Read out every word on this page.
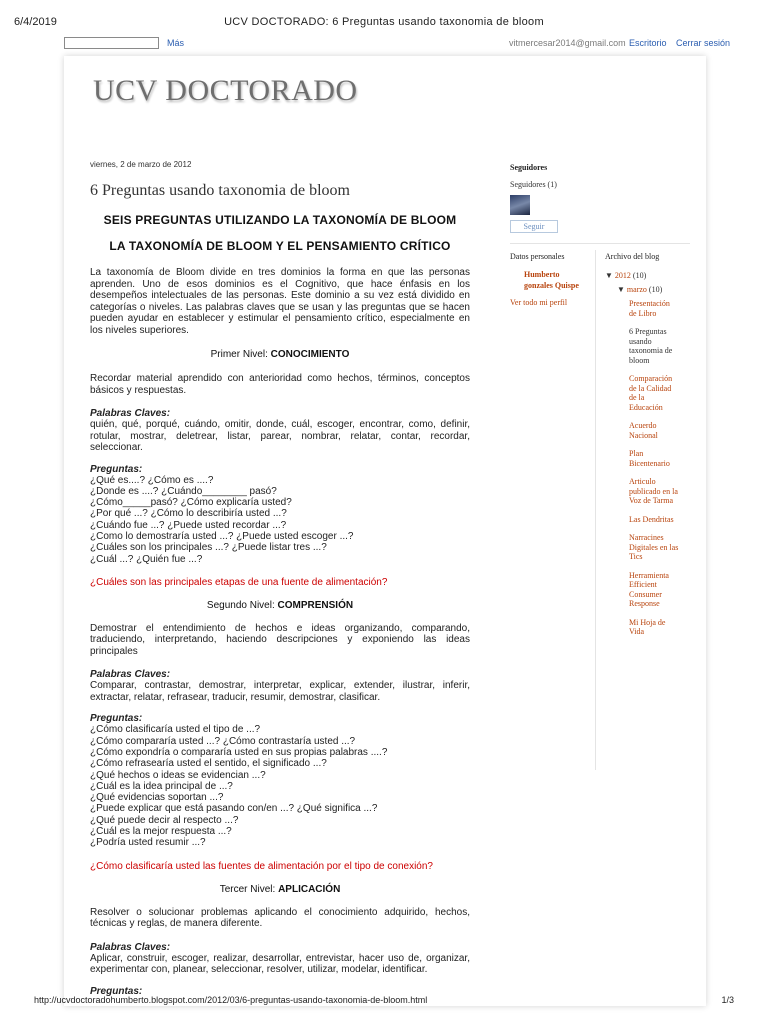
6/4/2019	UCV DOCTORADO: 6 Preguntas usando taxonomia de bloom
Más	vitmercesar2014@gmail.com Escritorio Cerrar sesión
UCV DOCTORADO
viernes, 2 de marzo de 2012
6 Preguntas usando taxonomia de bloom
SEIS PREGUNTAS UTILIZANDO LA TAXONOMÍA DE BLOOM
LA TAXONOMÍA DE BLOOM Y EL PENSAMIENTO CRÍTICO
La taxonomía de Bloom divide en tres dominios la forma en que las personas aprenden. Uno de esos dominios es el Cognitivo, que hace énfasis en los desempeños intelectuales de las personas. Este dominio a su vez está dividido en categorías o niveles. Las palabras claves que se usan y las preguntas que se hacen pueden ayudar en establecer y estimular el pensamiento crítico, especialmente en los niveles superiores.
Primer Nivel: CONOCIMIENTO
Recordar material aprendido con anterioridad como hechos, términos, conceptos básicos y respuestas.
Palabras Claves:
quién, qué, porqué, cuándo, omitir, donde, cuál, escoger, encontrar, como, definir, rotular, mostrar, deletrear, listar, parear, nombrar, relatar, contar, recordar, seleccionar.
Preguntas:
¿Qué es....? ¿Cómo es ....?
¿Donde es ....? ¿Cuándo________ pasó?
¿Cómo_____pasó? ¿Cómo explicaría usted?
¿Por qué ...? ¿Cómo lo describiría usted ...?
¿Cuándo fue ...? ¿Puede usted recordar ...?
¿Como lo demostraría usted ...? ¿Puede usted escoger ...?
¿Cuáles son los principales ...? ¿Puede listar tres ...?
¿Cuál ...? ¿Quién fue ...?
¿Cuáles son las principales etapas de una fuente de alimentación?
Segundo Nivel: COMPRENSIÓN
Demostrar el entendimiento de hechos e ideas organizando, comparando, traduciendo, interpretando, haciendo descripciones y exponiendo las ideas principales
Palabras Claves:
Comparar, contrastar, demostrar, interpretar, explicar, extender, ilustrar, inferir, extractar, relatar, refrasear, traducir, resumir, demostrar, clasificar.
Preguntas:
¿Cómo clasificaría usted el tipo de ...?
¿Cómo compararía usted ...? ¿Cómo contrastaría usted ...?
¿Cómo expondría o compararía usted en sus propias palabras ....?
¿Cómo refrasearía usted el sentido, el significado ...?
¿Qué hechos o ideas se evidencian ...?
¿Cuál es la idea principal de ...?
¿Qué evidencias soportan ...?
¿Puede explicar que está pasando con/en ...? ¿Qué significa ...?
¿Qué puede decir al respecto ...?
¿Cuál es la mejor respuesta ...?
¿Podría usted resumir ...?
¿Cómo clasificaría usted las fuentes de alimentación por el tipo de conexión?
Tercer Nivel: APLICACIÓN
Resolver o solucionar problemas aplicando el conocimiento adquirido, hechos, técnicas y reglas, de manera diferente.
Palabras Claves:
Aplicar, construir, escoger, realizar, desarrollar, entrevistar, hacer uso de, organizar, experimentar con, planear, seleccionar, resolver, utilizar, modelar, identificar.
Preguntas:
Seguidores
Seguidores (1)
Seguir
Datos personales
Humberto gonzales Quispe
Ver todo mi perfil
Archivo del blog
▼ 2012 (10)
▼ marzo (10)
Presentación de Libro
6 Preguntas usando taxonomia de bloom
Comparación de la Calidad de la Educación
Acuerdo Nacional
Plan Bicentenario
Articulo publicado en la Voz de Tarma
Las Dendritas
Narracines Digitales en las Tics
Herramienta Efficient Consumer Response
Mi Hoja de Vida
http://ucvdoctoradohumberto.blogspot.com/2012/03/6-preguntas-usando-taxonomia-de-bloom.html	1/3
